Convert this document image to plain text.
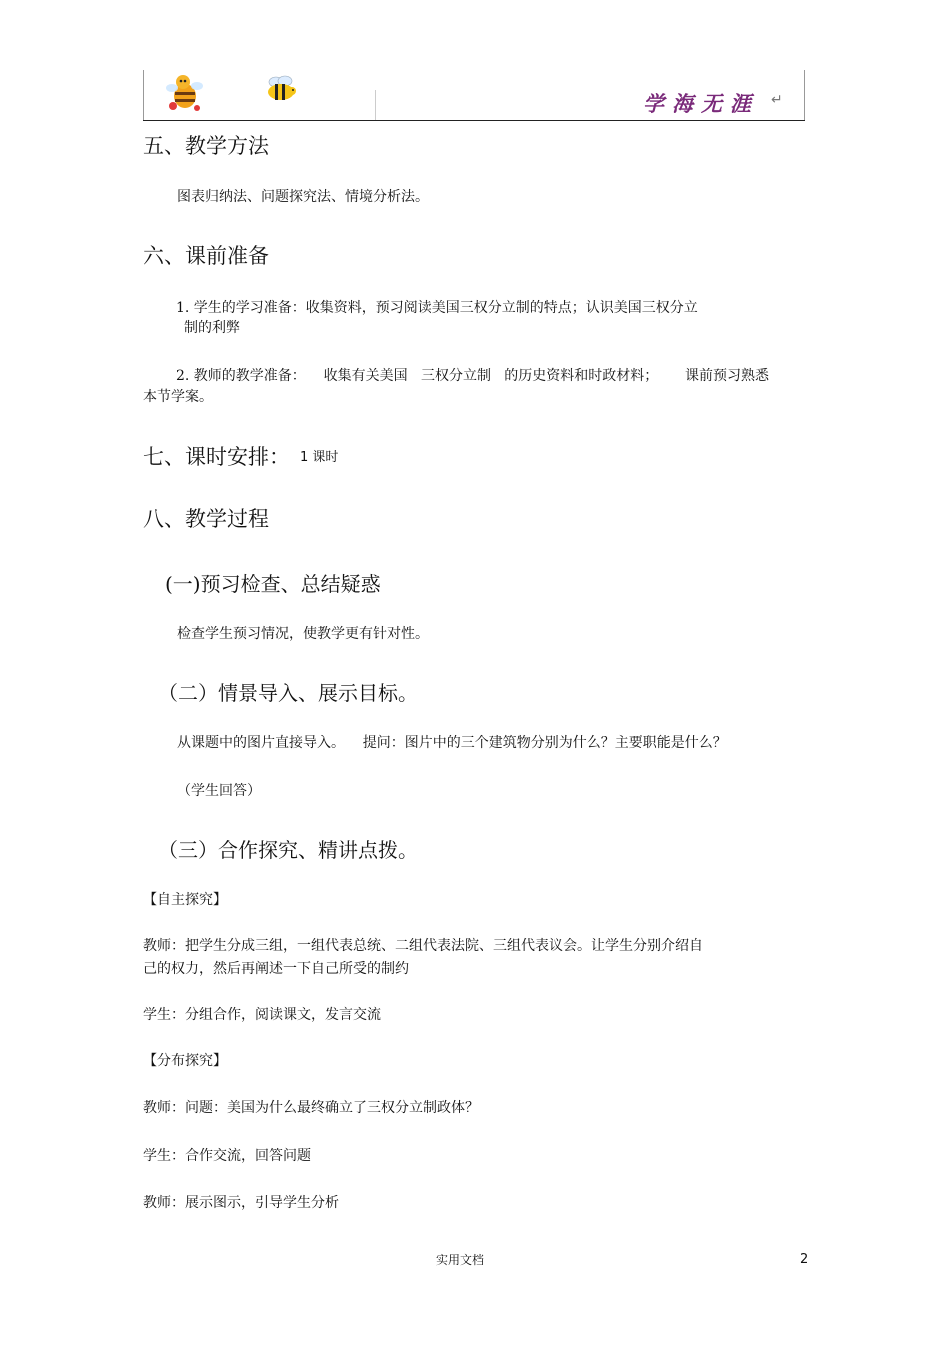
学海无涯 ↵
五、教学方法
图表归纳法、问题探究法、情境分析法。
六、课前准备
1. 学生的学习准备：收集资料，预习阅读美国三权分立制的特点；认识美国三权分立
制的利弊
2. 教师的教学准备：    收集有关美国   三权分立制   的历史资料和时政材料；      课前预习熟悉
本节学案。
七、课时安排： 1 课时
八、教学过程
(一)预习检查、总结疑惑
检查学生预习情况，使教学更有针对性。
（二）情景导入、展示目标。
从课题中的图片直接导入。    提问：图片中的三个建筑物分别为什么？主要职能是什么？
（学生回答）
（三）合作探究、精讲点拨。
【自主探究】
教师：把学生分成三组，一组代表总统、二组代表法院、三组代表议会。让学生分别介绍自
己的权力，然后再阐述一下自己所受的制约
学生：分组合作，阅读课文，发言交流
【分布探究】
教师：问题：美国为什么最终确立了三权分立制政体？
学生：合作交流，回答问题
教师：展示图示，引导学生分析
实用文档	2
